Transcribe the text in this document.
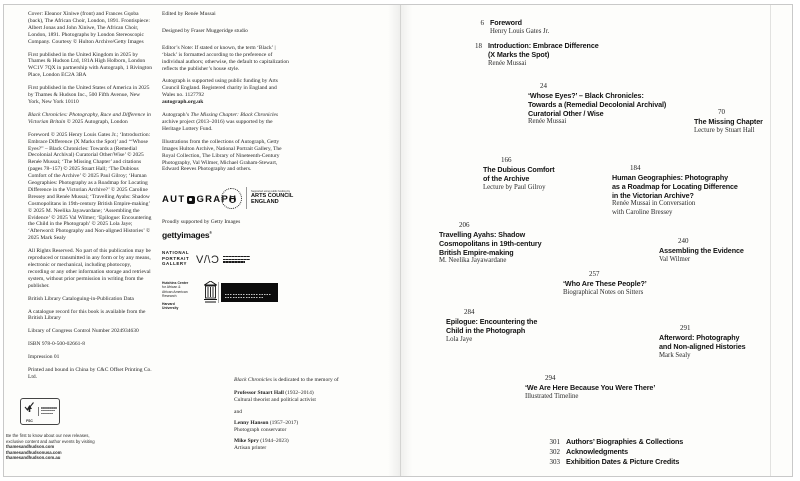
Cover: Eleanor Xiniwe (front) and Frances Gqoba (back), The African Choir, London, 1891. Frontispiece: Albert Jonas and John Xiniwe, The African Choir, London, 1891. Photographs by London Stereoscopic Company. Courtesy © Hulton Archive/Getty Images

First published in the United Kingdom in 2025 by Thames & Hudson Ltd, 181A High Holborn, London WC1V 7QX in partnership with Autograph, 1 Rivington Place, London EC2A 3BA

First published in the United States of America in 2025 by Thames & Hudson Inc., 500 Fifth Avenue, New York, New York 10110

Black Chronicles: Photography, Race and Difference in Victorian Britain © 2025 Autograph, London

Foreword © 2025 Henry Louis Gates Jr.; ‘Introduction: Embrace Difference (X Marks the Spot)’ and ‘“Whose Eyes?” – Black Chronicles: Towards a (Remedial Decolonial Archival) Curatorial Other/Wise’ © 2025 Renée Mussai; ‘The Missing Chapter’ and citations (pages 78–157) © 2025 Stuart Hall; ‘The Dubious Comfort of the Archive’ © 2025 Paul Gilroy; ‘Human Geographies: Photography as a Roadmap for Locating Difference in the Victorian Archive?’ © 2025 Caroline Bressey and Renée Mussai; ‘Travelling Ayahs: Shadow Cosmopolitans in 19th-century British Empire-making’ © 2025 M. Neelika Jayawardane; ‘Assembling the Evidence’ © 2025 Val Wilmer; ‘Epilogue: Encountering the Child in the Photograph’ © 2025 Lola Jaye; ‘Afterword: Photography and Non-aligned Histories’ © 2025 Mark Sealy

All Rights Reserved. No part of this publication may be reproduced or transmitted in any form or by any means, electronic or mechanical, including photocopy, recording or any other information storage and retrieval system, without prior permission in writing from the publisher.

British Library Cataloguing-in-Publication Data

A catalogue record for this book is available from the British Library

Library of Congress Control Number 2024934630

ISBN 978-0-500-02661-8

Impression 01

Printed and bound in China by C&C Offset Printing Co. Ltd.

Edited by Renée Mussai

Designed by Fraser Muggeridge studio

Editor’s Note: If stated or known, the term ‘Black’ | ‘black’ is formatted according to the preference of individual authors; otherwise, the default to capitalization reflects the publisher’s house style.

Autograph is supported using public funding by Arts Council England. Registered charity in England and Wales no. 1127792
autograph.org.uk

Autograph’s The Missing Chapter: Black Chronicles archive project (2013–2016) was supported by the Heritage Lottery Fund.

Illustrations from the collections of Autograph, Getty Images Hulton Archive, National Portrait Gallery, The Royal Collection, The Library of Nineteenth-Century Photography, Val Wilmer, Michael Graham-Stewart, Edward Reeves Photography and others.

AUT GRAPH
Supported using public funding by
ARTS COUNCIL
ENGLAND
Proudly supported by Getty Images
gettyimages®
NATIONAL
PORTRAIT
GALLERY V/\Ɔ
Hutchins Center
for African &
African American
Research
Harvard
University
FSC

Black Chronicles is dedicated to the memory of

Professor Stuart Hall (1932–2014)
Cultural theorist and political activist

and

Lenny Hanson (1957–2017)
Photograph conservator

Mike Spry (1944–2023)
Artisan printer

Be the first to know about our new releases,
exclusive content and author events by visiting
thamesandhudson.com
thamesandhudsonusa.com
thamesandhudson.com.au
6 Foreword
Henry Louis Gates Jr.
18 Introduction: Embrace Difference
(X Marks the Spot)
Renée Mussai
24
‘Whose Eyes?’ – Black Chronicles:
Towards a (Remedial Decolonial Archival)
Curatorial Other / Wise
Renée Mussai
70
The Missing Chapter
Lecture by Stuart Hall
166
The Dubious Comfort
of the Archive
Lecture by Paul Gilroy
184
Human Geographies: Photography
as a Roadmap for Locating Difference
in the Victorian Archive?
Renée Mussai in Conversation
with Caroline Bressey
206
Travelling Ayahs: Shadow
Cosmopolitans in 19th-century
British Empire-making
M. Neelika Jayawardane
240
Assembling the Evidence
Val Wilmer
257
‘Who Are These People?’
Biographical Notes on Sitters
284
Epilogue: Encountering the
Child in the Photograph
Lola Jaye
291
Afterword: Photography
and Non-aligned Histories
Mark Sealy
294
‘We Are Here Because You Were There’
Illustrated Timeline
301 Authors’ Biographies & Collections
302 Acknowledgments
303 Exhibition Dates & Picture Credits
